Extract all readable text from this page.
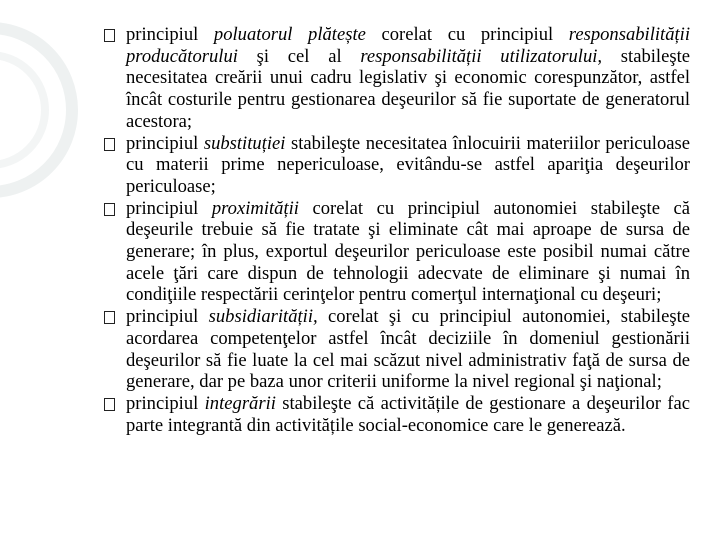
principiul poluatorul plătește corelat cu principiul responsabilității producătorului şi cel al responsabilității utilizatorului, stabileşte necesitatea creării unui cadru legislativ şi economic corespunzător, astfel încât costurile pentru gestionarea deşeurilor să fie suportate de generatorul acestora;

principiul substituției stabileşte necesitatea înlocuirii materiilor periculoase cu materii prime nepericuloase, evitându-se astfel apariţia deşeurilor periculoase;

principiul proximității corelat cu principiul autonomiei stabileşte că deşeurile trebuie să fie tratate şi eliminate cât mai aproape de sursa de generare; în plus, exportul deşeurilor periculoase este posibil numai către acele ţări care dispun de tehnologii adecvate de eliminare şi numai în condiţiile respectării cerinţelor pentru comerţul internaţional cu deşeuri;

principiul subsidiarității, corelat şi cu principiul autonomiei, stabileşte acordarea competenţelor astfel încât deciziile în domeniul gestionării deşeurilor să fie luate la cel mai scăzut nivel administrativ faţă de sursa de generare, dar pe baza unor criterii uniforme la nivel regional şi naţional;

principiul integrării stabileşte că activitățile de gestionare a deşeurilor fac parte integrantă din activitățile social-economice care le generează.
